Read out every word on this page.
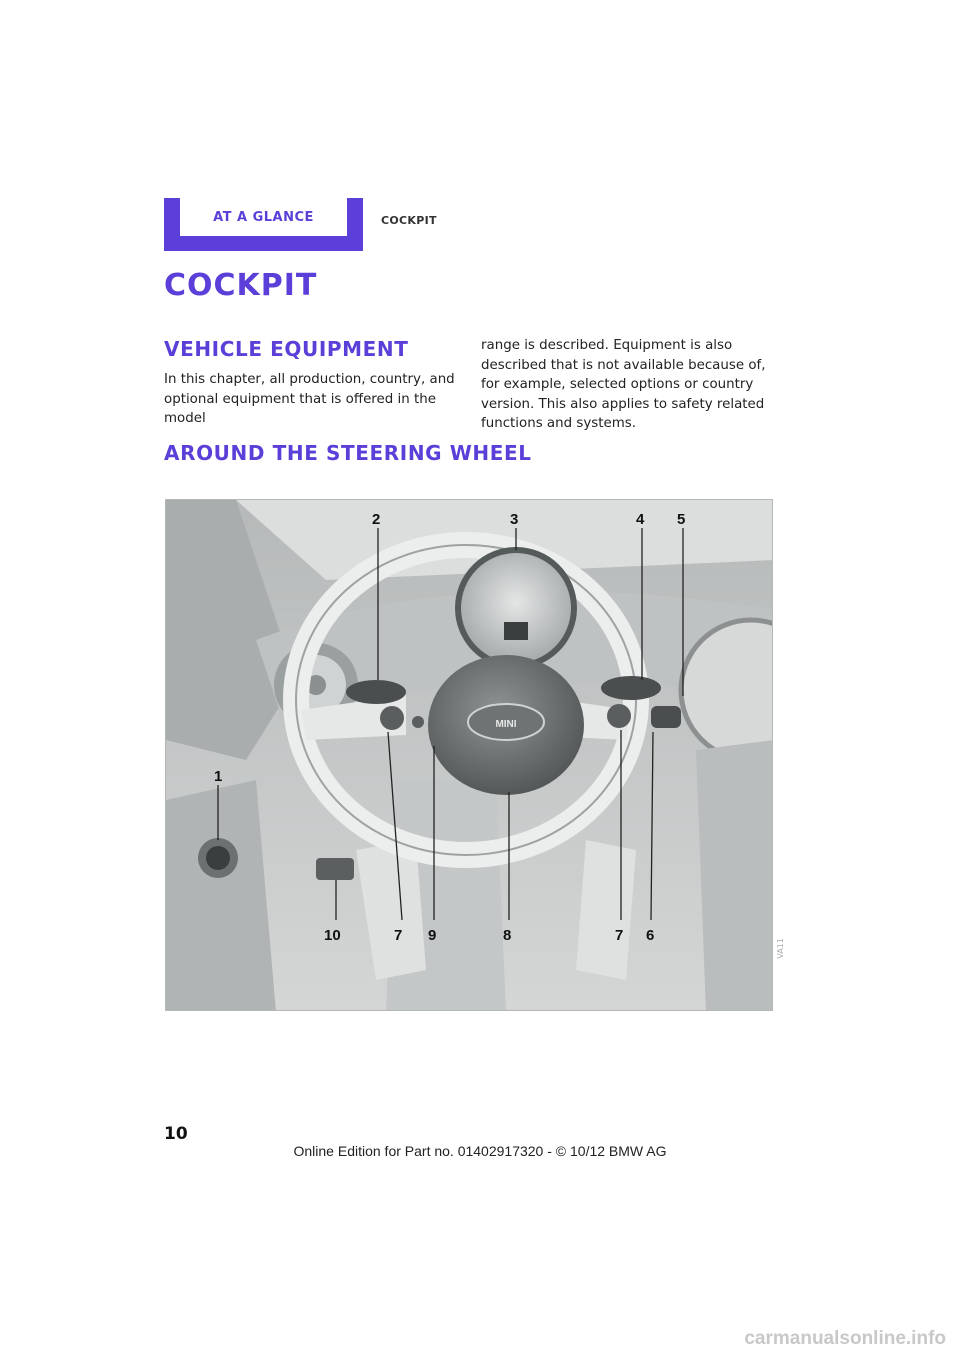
AT A GLANCE	COCKPIT
COCKPIT
VEHICLE EQUIPMENT

In this chapter, all production, country, and optional equipment that is offered in the model

range is described. Equipment is also described that is not available because of, for example, selected options or country version. This also applies to safety related functions and systems.

AROUND THE STEERING WHEEL
MINI
2	3	4 5
1
10	7 9	8	7 6
VA11
10
Online Edition for Part no. 01402917320 - © 10/12 BMW AG
carmanualsonline.info
